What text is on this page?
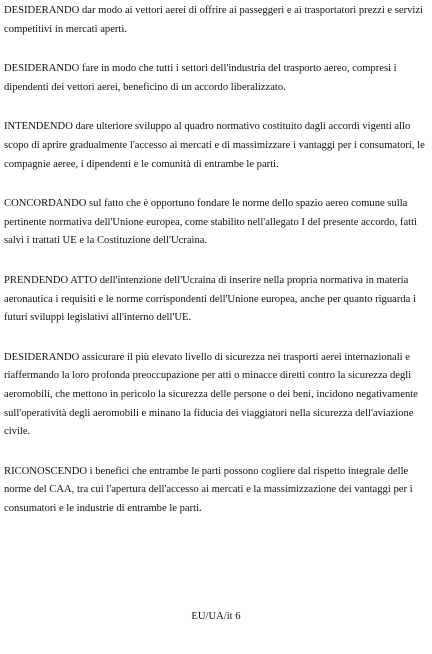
DESIDERANDO dar modo ai vettori aerei di offrire ai passeggeri e ai trasportatori prezzi e servizi competitivi in mercati aperti.

DESIDERANDO fare in modo che tutti i settori dell'industria del trasporto aereo, compresi i dipendenti dei vettori aerei, beneficino di un accordo liberalizzato.

INTENDENDO dare ulteriore sviluppo al quadro normativo costituito dagli accordi vigenti allo scopo di aprire gradualmente l'accesso ai mercati e di massimizzare i vantaggi per i consumatori, le compagnie aeree, i dipendenti e le comunità di entrambe le parti.

CONCORDANDO sul fatto che è opportuno fondare le norme dello spazio aereo comune sulla pertinente normativa dell'Unione europea, come stabilito nell'allegato I del presente accordo, fatti salvi i trattati UE e la Costituzione dell'Ucraina.

PRENDENDO ATTO dell'intenzione dell'Ucraina di inserire nella propria normativa in materia aeronautica i requisiti e le norme corrispondenti dell'Unione europea, anche per quanto riguarda i futuri sviluppi legislativi all'interno dell'UE.

DESIDERANDO assicurare il più elevato livello di sicurezza nei trasporti aerei internazionali e riaffermando la loro profonda preoccupazione per atti o minacce diretti contro la sicurezza degli aeromobili, che mettono in pericolo la sicurezza delle persone o dei beni, incidono negativamente sull'operatività degli aeromobili e minano la fiducia dei viaggiatori nella sicurezza dell'aviazione civile.

RICONOSCENDO i benefici che entrambe le parti possono cogliere dal rispetto integrale delle norme del CAA, tra cui l'apertura dell'accesso ai mercati e la massimizzazione dei vantaggi per i consumatori e le industrie di entrambe le parti.

EU/UA/it 6
